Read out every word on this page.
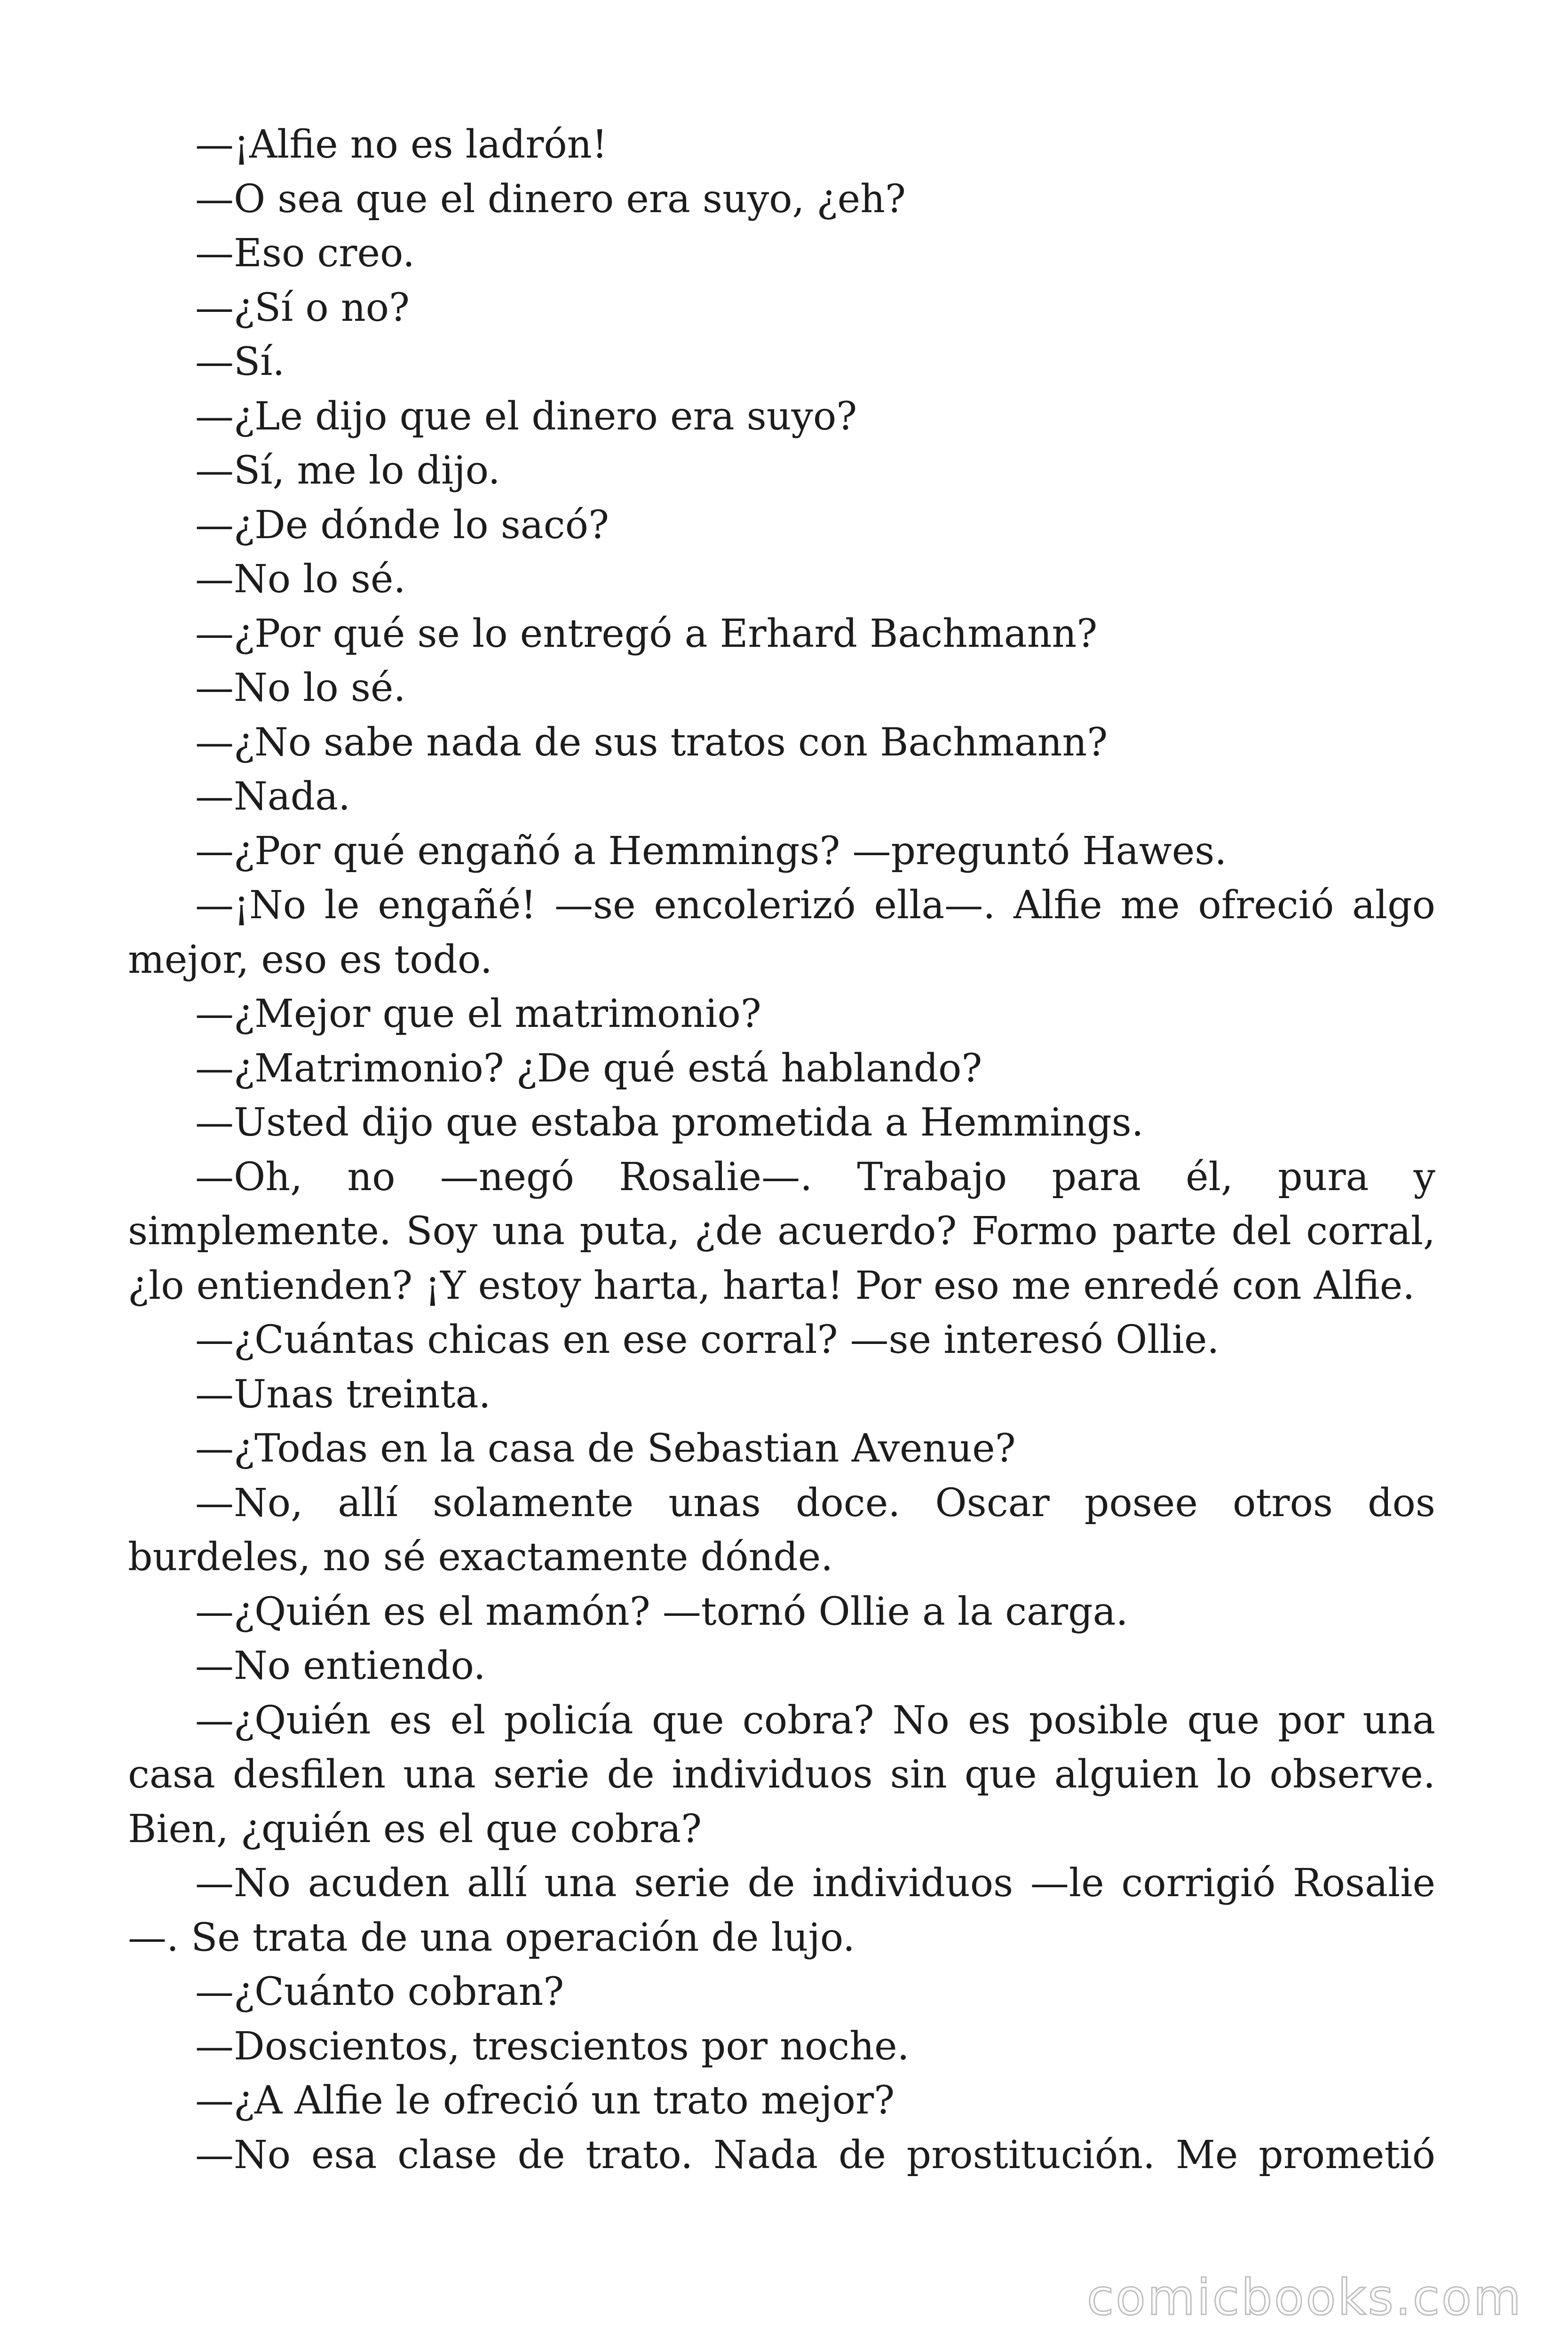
—¡Alfie no es ladrón!

—O sea que el dinero era suyo, ¿eh?

—Eso creo.

—¿Sí o no?

—Sí.

—¿Le dijo que el dinero era suyo?

—Sí, me lo dijo.

—¿De dónde lo sacó?

—No lo sé.

—¿Por qué se lo entregó a Erhard Bachmann?

—No lo sé.

—¿No sabe nada de sus tratos con Bachmann?

—Nada.

—¿Por qué engañó a Hemmings? —preguntó Hawes.

—¡No le engañé! —se encolerizó ella—. Alfie me ofreció algo mejor, eso es todo.

—¿Mejor que el matrimonio?

—¿Matrimonio? ¿De qué está hablando?

—Usted dijo que estaba prometida a Hemmings.

—Oh, no —negó Rosalie—. Trabajo para él, pura y simplemente. Soy una puta, ¿de acuerdo? Formo parte del corral, ¿lo entienden? ¡Y estoy harta, harta! Por eso me enredé con Alfie.

—¿Cuántas chicas en ese corral? —se interesó Ollie.

—Unas treinta.

—¿Todas en la casa de Sebastian Avenue?

—No, allí solamente unas doce. Oscar posee otros dos burdeles, no sé exactamente dónde.

—¿Quién es el mamón? —tornó Ollie a la carga.

—No entiendo.

—¿Quién es el policía que cobra? No es posible que por una casa desfilen una serie de individuos sin que alguien lo observe. Bien, ¿quién es el que cobra?

—No acuden allí una serie de individuos —le corrigió Rosalie—. Se trata de una operación de lujo.

—¿Cuánto cobran?

—Doscientos, trescientos por noche.

—¿A Alfie le ofreció un trato mejor?

—No esa clase de trato. Nada de prostitución. Me prometió

comicbooks.com
